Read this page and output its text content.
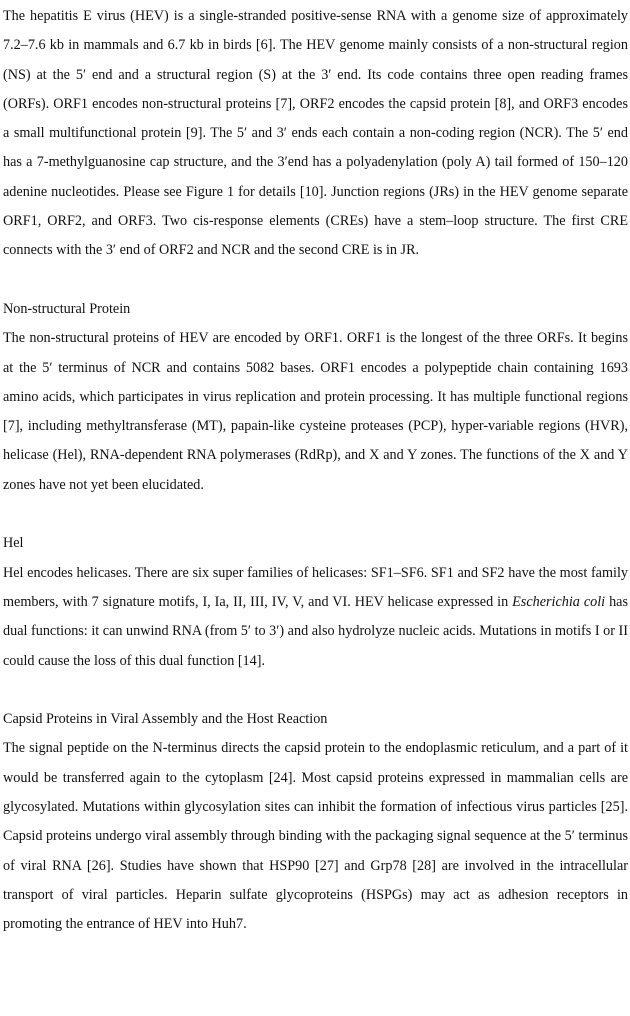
The hepatitis E virus (HEV) is a single-stranded positive-sense RNA with a genome size of approximately 7.2–7.6 kb in mammals and 6.7 kb in birds [6]. The HEV genome mainly consists of a non-structural region (NS) at the 5′ end and a structural region (S) at the 3′ end. Its code contains three open reading frames (ORFs). ORF1 encodes non-structural proteins [7], ORF2 encodes the capsid protein [8], and ORF3 encodes a small multifunctional protein [9]. The 5′ and 3′ ends each contain a non-coding region (NCR). The 5′ end has a 7-methylguanosine cap structure, and the 3′end has a polyadenylation (poly A) tail formed of 150–120 adenine nucleotides. Please see Figure 1 for details [10]. Junction regions (JRs) in the HEV genome separate ORF1, ORF2, and ORF3. Two cis-response elements (CREs) have a stem–loop structure. The first CRE connects with the 3′ end of ORF2 and NCR and the second CRE is in JR.

Non-structural Protein

The non-structural proteins of HEV are encoded by ORF1. ORF1 is the longest of the three ORFs. It begins at the 5′ terminus of NCR and contains 5082 bases. ORF1 encodes a polypeptide chain containing 1693 amino acids, which participates in virus replication and protein processing. It has multiple functional regions [7], including methyltransferase (MT), papain-like cysteine proteases (PCP), hyper-variable regions (HVR), helicase (Hel), RNA-dependent RNA polymerases (RdRp), and X and Y zones. The functions of the X and Y zones have not yet been elucidated.

Hel

Hel encodes helicases. There are six super families of helicases: SF1–SF6. SF1 and SF2 have the most family members, with 7 signature motifs, I, Ia, II, III, IV, V, and VI. HEV helicase expressed in Escherichia coli has dual functions: it can unwind RNA (from 5′ to 3′) and also hydrolyze nucleic acids. Mutations in motifs I or II could cause the loss of this dual function [14].

Capsid Proteins in Viral Assembly and the Host Reaction

The signal peptide on the N-terminus directs the capsid protein to the endoplasmic reticulum, and a part of it would be transferred again to the cytoplasm [24]. Most capsid proteins expressed in mammalian cells are glycosylated. Mutations within glycosylation sites can inhibit the formation of infectious virus particles [25]. Capsid proteins undergo viral assembly through binding with the packaging signal sequence at the 5′ terminus of viral RNA [26]. Studies have shown that HSP90 [27] and Grp78 [28] are involved in the intracellular transport of viral particles. Heparin sulfate glycoproteins (HSPGs) may act as adhesion receptors in promoting the entrance of HEV into Huh7.
